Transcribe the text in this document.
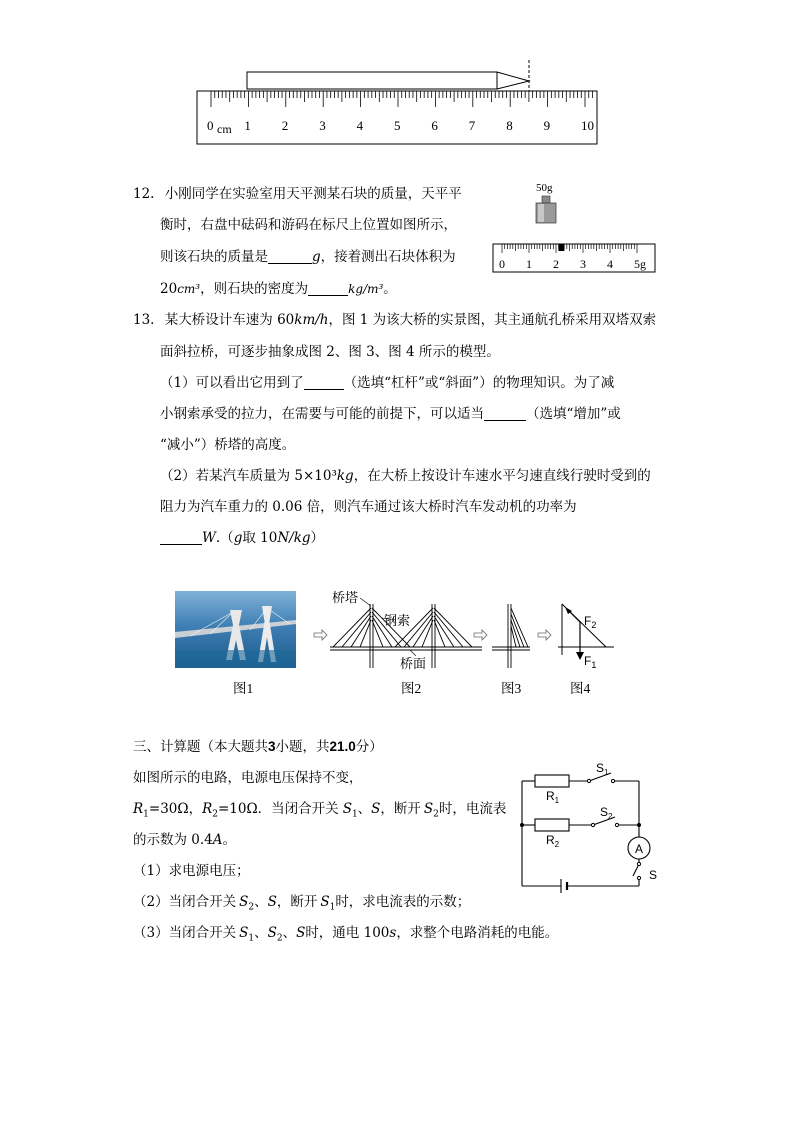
0 1 2 3 4 5 6 7 8 9 10
cm
12. 小刚同学在实验室用天平测某石块的质量，天平平
衡时，右盘中砝码和游码在标尺上位置如图所示，
则该石块的质量是	g，接着测出石块体积为
20cm³，则石块的密度为	kg/m³。
50g
0 1 2 3 4 5g
13. 某大桥设计车速为 60km/h，图 1 为该大桥的实景图，其主通航孔桥采用双塔双索
面斜拉桥，可逐步抽象成图 2、图 3、图 4 所示的模型。
（1）可以看出它用到了	（选填“杠杆”或“斜面”）的物理知识。为了减
小钢索承受的拉力，在需要与可能的前提下，可以适当	（选填“增加”或
“减小”）桥塔的高度。
（2）若某汽车质量为 5×10³kg，在大桥上按设计车速水平匀速直线行驶时受到的
阻力为汽车重力的 0.06 倍，则汽车通过该大桥时汽车发动机的功率为
W.（g取 10N/kg）
桥塔
钢索
桥面
$F_2$
$F_1$
图1	图2	图3	图4
三、计算题（本大题共3小题，共21.0分）
如图所示的电路，电源电压保持不变，
$R_1=30\Omega$，$R_2=10\Omega$．当闭合开关 $S_1$、S，断开 $S_2$时，电流表
的示数为 0.4A。
（1）求电源电压；
（2）当闭合开关 $S_2$、S，断开 $S_1$时，求电流表的示数；
（3）当闭合开关 $S_1$、$S_2$、S时，通电 100s，求整个电路消耗的电能。
$R_1$
$R_2$
$S_1$
$S_2$
S
A
